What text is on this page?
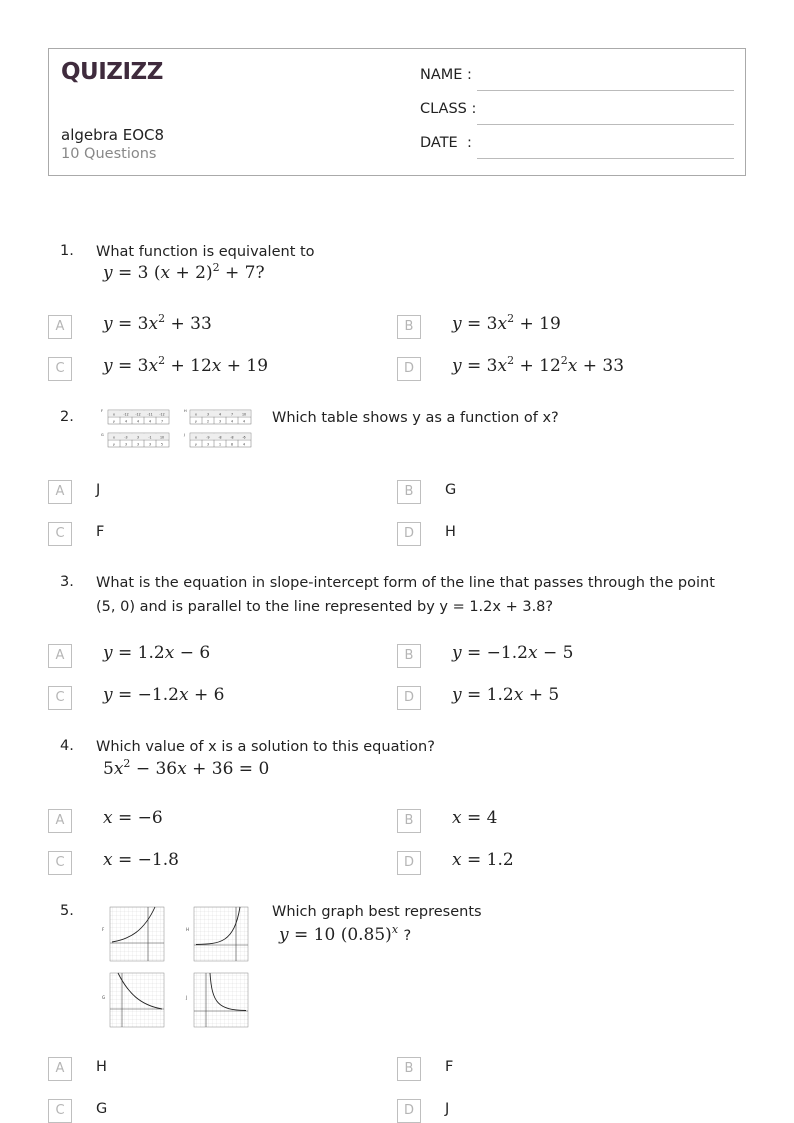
QUIZIZZ
algebra EOC8
10 Questions
NAME :
CLASS :
DATE  :
1. What function is equivalent to
y = 3 $(x + 2)^2 + 7$?
A	$y = 3x^2 + 33$	B	$y = 3x^2 + 19$
C	$y = 3x^2 + 12x + 19$	D	$y = 3x^2 + 12^2x + 33$
2.	Which table shows y as a function of x?
F	H
G	J
x	-12 -12 -11 -12
y	4	4	4	7
x	3	4	7	10
y	2	3	4	4
x	-3	3	-1	10
y	3	3	3	5
x	-9	-8	-8	-6
y	3	1	8	4
A	J	B	G
C	F	D	H
3. What is the equation in slope-intercept form of the line that passes through the point
(5, 0) and is parallel to the line represented by y = 1.2x + 3.8?
A	y = 1.2x − 6	B	y = −1.2x − 5
C	y = −1.2x + 6	D	y = 1.2x + 5
4. Which value of x is a solution to this equation?
$5x^2 - 36x + 36 = 0$
A	x = −6	B	x = 4
C	x = −1.8	D	x = 1.2
5.	Which graph best represents
y = 10 $(0.85)^x$ ?
F	H
G	J
A	H	B	F
C	G	D	J
